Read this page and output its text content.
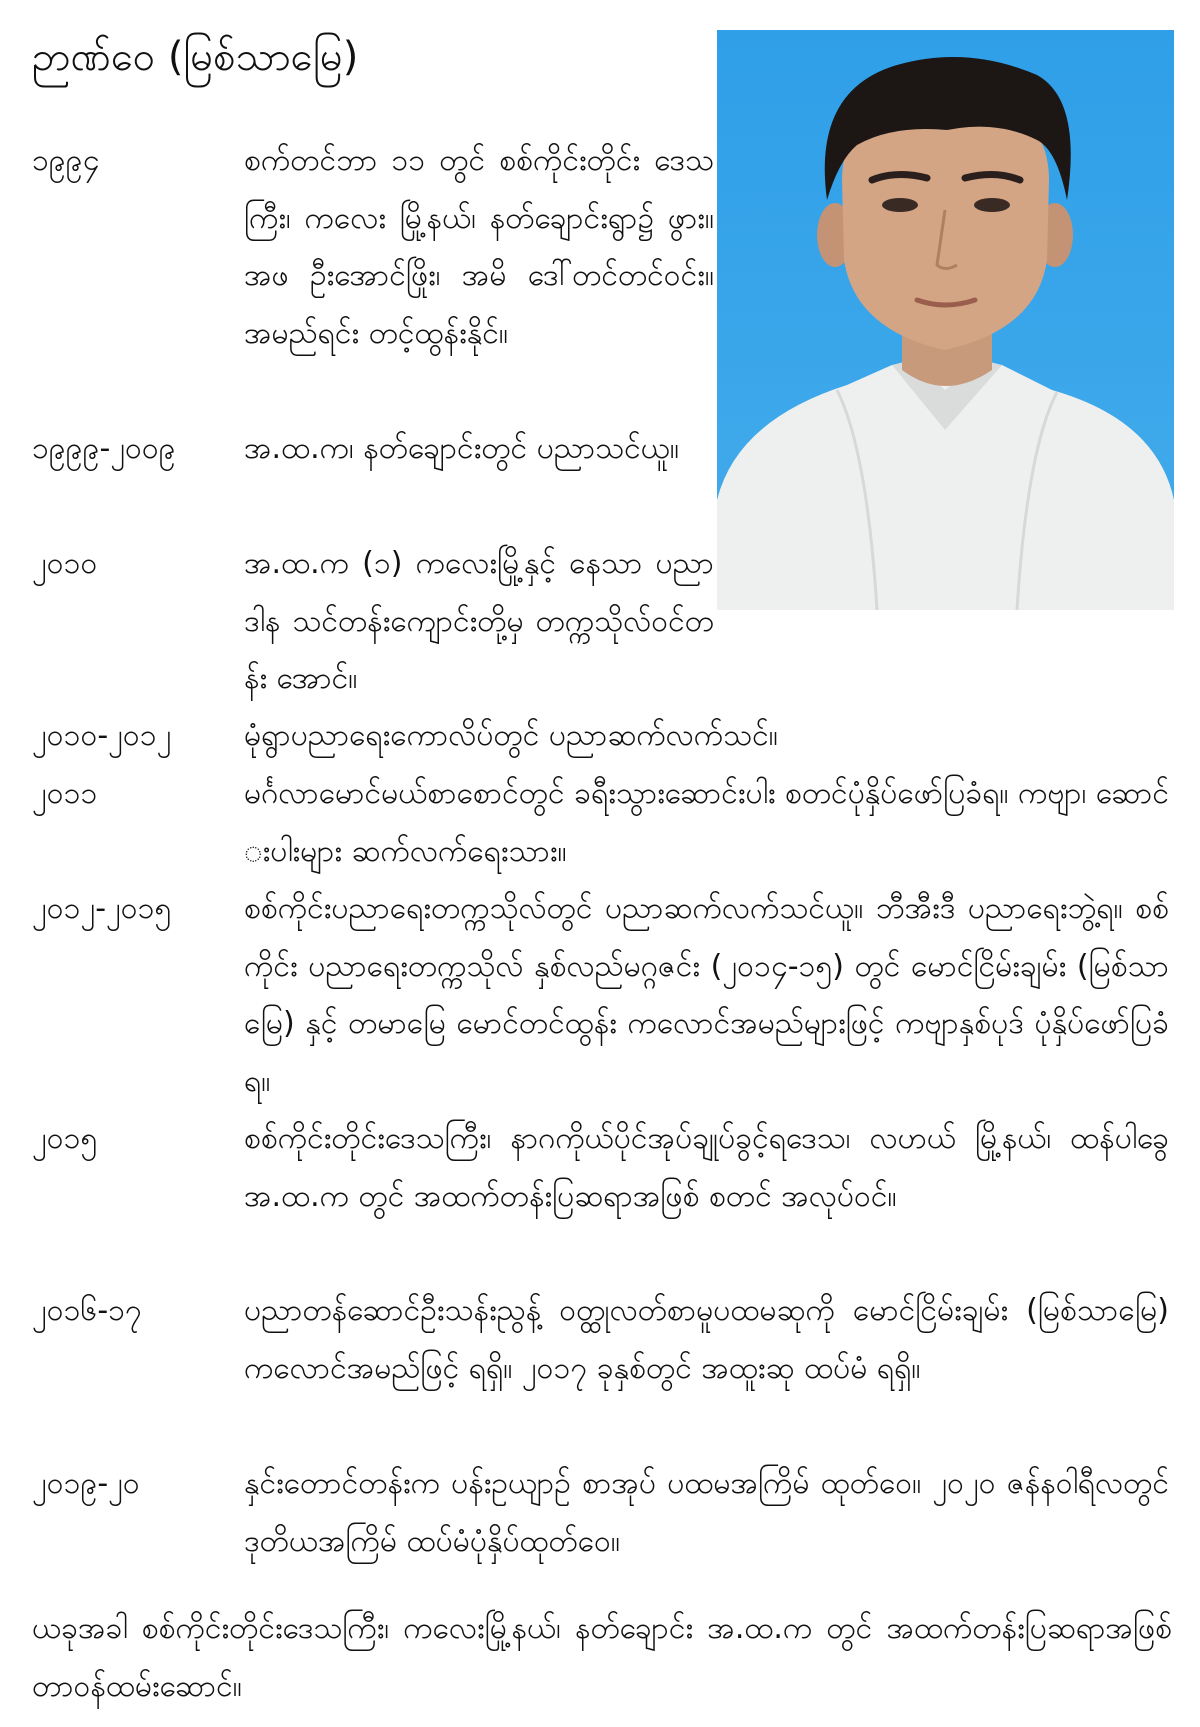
ဉာဏ်ဝေ (မြစ်သာမြေ)
၁၉၉၄	စက်တင်ဘာ ၁၁ တွင် စစ်ကိုင်းတိုင်း ဒေသကြီး၊ ကလေး မြို့နယ်၊ နတ်ချောင်းရွာ၌ ဖွား။ အဖ ဦးအောင်ဖြိုး၊ အမိ ဒေါ်တင်တင်ဝင်း။ အမည်ရင်း တင့်ထွန်းနိုင်။
၁၉၉၉-၂၀၀၉	အ.ထ.က၊ နတ်ချောင်းတွင် ပညာသင်ယူ။
၂၀၁၀	အ.ထ.က (၁) ကလေးမြို့နှင့် နေသာ ပညာဒါန သင်တန်းကျောင်းတို့မှ တက္ကသိုလ်ဝင်တန်း အောင်။
၂၀၁၀-၂၀၁၂	မုံရွာပညာရေးကောလိပ်တွင် ပညာဆက်လက်သင်။
၂၀၁၁	မင်္ဂလာမောင်မယ်စာစောင်တွင် ခရီးသွားဆောင်းပါး စတင်ပုံနှိပ်ဖော်ပြခံရ။ ကဗျာ၊ ဆောင်းပါးများ ဆက်လက်ရေးသား။
၂၀၁၂-၂၀၁၅	စစ်ကိုင်းပညာရေးတက္ကသိုလ်တွင် ပညာဆက်လက်သင်ယူ။ ဘီအီးဒီ ပညာရေးဘွဲ့ရ။ စစ်ကိုင်း ပညာရေးတက္ကသိုလ် နှစ်လည်မဂ္ဂဇင်း (၂၀၁၄-၁၅) တွင် မောင်ငြိမ်းချမ်း (မြစ်သာမြေ) နှင့် တမာမြေ မောင်တင်ထွန်း ကလောင်အမည်များဖြင့် ကဗျာနှစ်ပုဒ် ပုံနှိပ်ဖော်ပြခံရ။
၂၀၁၅	စစ်ကိုင်းတိုင်းဒေသကြီး၊ နာဂကိုယ်ပိုင်အုပ်ချုပ်ခွင့်ရဒေသ၊ လဟယ် မြို့နယ်၊ ထန်ပါခွေ အ.ထ.က တွင် အထက်တန်းပြဆရာအဖြစ် စတင် အလုပ်ဝင်။
၂၀၁၆-၁၇	ပညာတန်ဆောင်ဦးသန်းညွန့် ဝတ္ထုလတ်စာမူပထမဆုကို မောင်ငြိမ်းချမ်း (မြစ်သာမြေ) ကလောင်အမည်ဖြင့် ရရှိ။ ၂၀၁၇ ခုနှစ်တွင် အထူးဆု ထပ်မံ ရရှိ။
၂၀၁၉-၂၀	နှင်းတောင်တန်းက ပန်းဥယျာဉ် စာအုပ် ပထမအကြိမ် ထုတ်ဝေ။ ၂၀၂၀ ဇန်နဝါရီလတွင် ဒုတိယအကြိမ် ထပ်မံပုံနှိပ်ထုတ်ဝေ။

ယခုအခါ စစ်ကိုင်းတိုင်းဒေသကြီး၊ ကလေးမြို့နယ်၊ နတ်ချောင်း အ.ထ.က တွင် အထက်တန်းပြဆရာအဖြစ် တာဝန်ထမ်းဆောင်။
